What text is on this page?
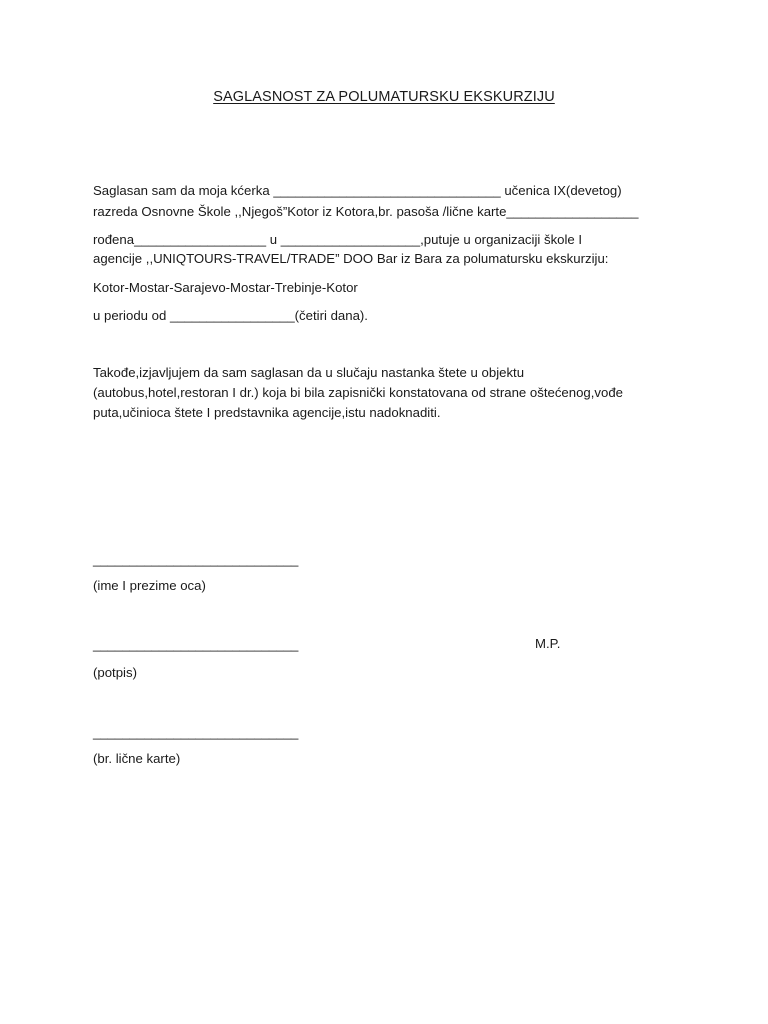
SAGLASNOST ZA POLUMATURSKU EKSKURZIJU
Saglasan sam da moja kćerka _______________________________ učenica IX(devetog)
razreda Osnovne Škole ,,Njegoš”Kotor iz Kotora,br. pasoša /lične karte__________________
rođena__________________ u ___________________,putuje u organizaciji škole I
agencije ,,UNIQTOURS-TRAVEL/TRADE” DOO Bar iz Bara za polumatursku ekskurziju:
Kotor-Mostar-Sarajevo-Mostar-Trebinje-Kotor
u periodu od _________________(četiri dana).
Takođe,izjavljujem da sam saglasan da u slučaju nastanka štete u objektu
(autobus,hotel,restoran I dr.) koja bi bila zapisnički konstatovana od strane oštećenog,vođe
puta,učinioca štete I predstavnika agencije,istu nadoknaditi.
____________________________
(ime I prezime oca)
____________________________	M.P.
(potpis)
____________________________
(br. lične karte)
